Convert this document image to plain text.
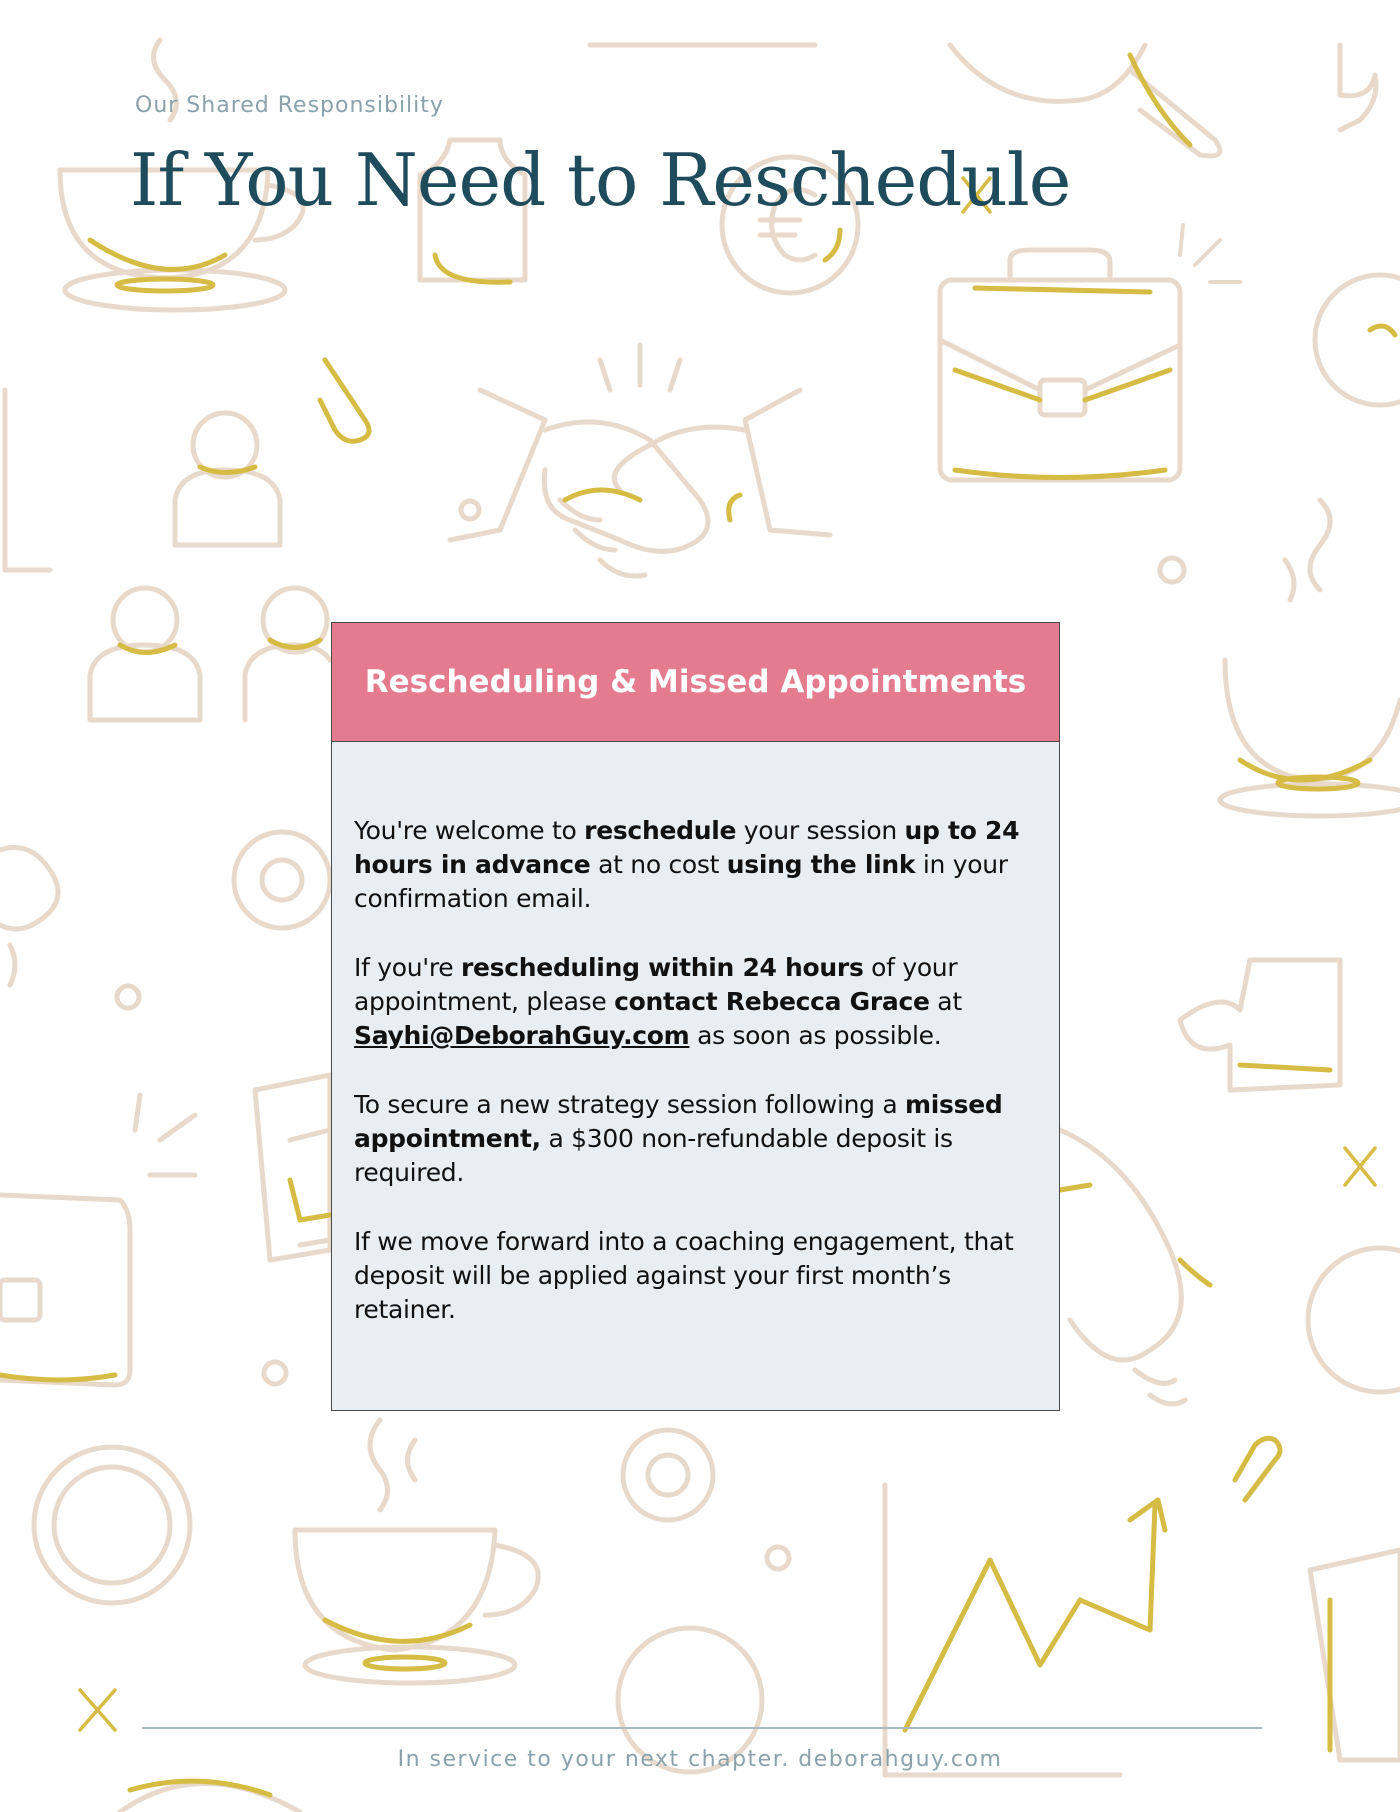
Our Shared Responsibility
If You Need to Reschedule
Rescheduling & Missed Appointments

You're welcome to reschedule your session up to 24 hours in advance at no cost using the link in your confirmation email.

If you're rescheduling within 24 hours of your appointment, please contact Rebecca Grace at Sayhi@DeborahGuy.com as soon as possible.

To secure a new strategy session following a missed appointment, a $300 non-refundable deposit is required.

If we move forward into a coaching engagement, that deposit will be applied against your first month’s retainer.

In service to your next chapter. deborahguy.com
